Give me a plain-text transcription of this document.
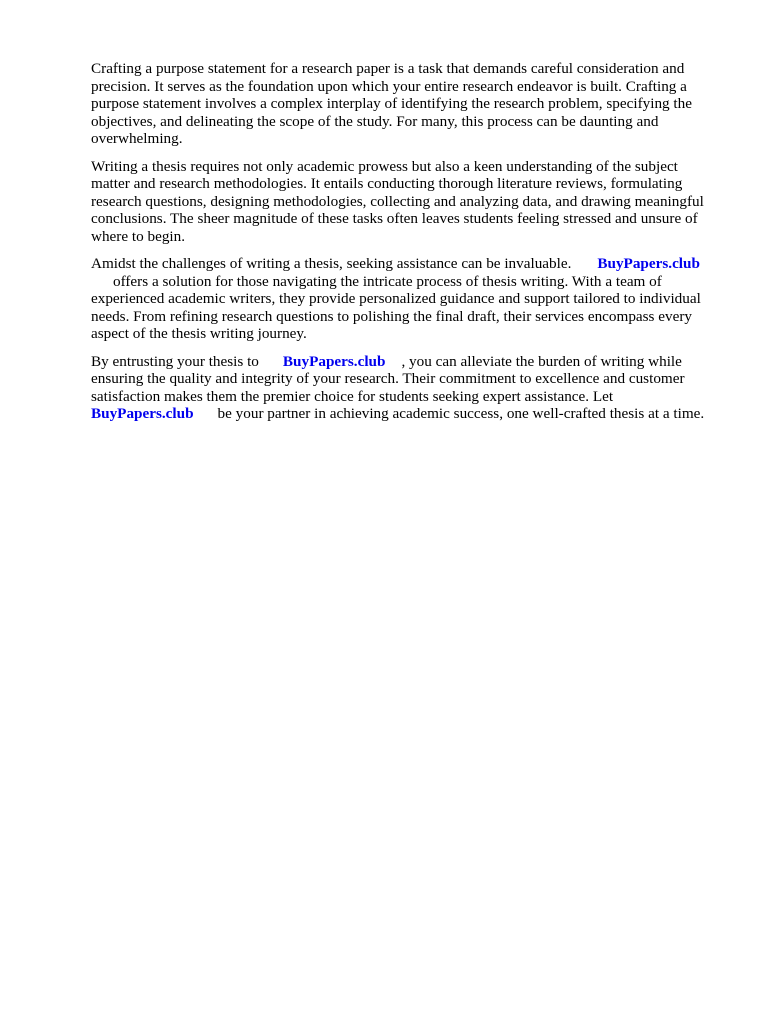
Crafting a purpose statement for a research paper is a task that demands careful consideration and
precision. It serves as the foundation upon which your entire research endeavor is built. Crafting a
purpose statement involves a complex interplay of identifying the research problem, specifying the
objectives, and delineating the scope of the study. For many, this process can be daunting and
overwhelming.

Writing a thesis requires not only academic prowess but also a keen understanding of the subject
matter and research methodologies. It entails conducting thorough literature reviews, formulating
research questions, designing methodologies, collecting and analyzing data, and drawing meaningful
conclusions. The sheer magnitude of these tasks often leaves students feeling stressed and unsure of
where to begin.

Amidst the challenges of writing a thesis, seeking assistance can be invaluable. BuyPapers.club
offers a solution for those navigating the intricate process of thesis writing. With a team of
experienced academic writers, they provide personalized guidance and support tailored to individual
needs. From refining research questions to polishing the final draft, their services encompass every
aspect of the thesis writing journey.

By entrusting your thesis to BuyPapers.club , you can alleviate the burden of writing while
ensuring the quality and integrity of your research. Their commitment to excellence and customer
satisfaction makes them the premier choice for students seeking expert assistance. Let
BuyPapers.club be your partner in achieving academic success, one well-crafted thesis at a time.
